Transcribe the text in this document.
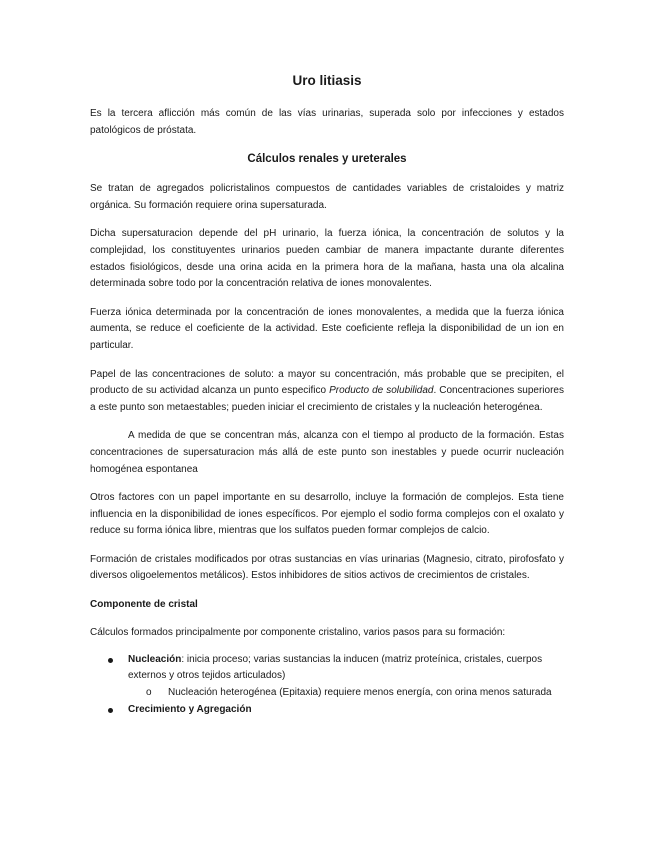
Uro litiasis

Es la tercera aflicción más común de las vías urinarias, superada solo por infecciones y estados patológicos de próstata.

Cálculos renales y ureterales

Se tratan de agregados policristalinos compuestos de cantidades variables de cristaloides y matriz orgánica. Su formación requiere orina supersaturada.

Dicha supersaturacion depende del pH urinario, la fuerza iónica, la concentración de solutos y la complejidad, los constituyentes urinarios pueden cambiar de manera impactante durante diferentes estados fisiológicos, desde una orina acida en la primera hora de la mañana, hasta una ola alcalina determinada sobre todo por la concentración relativa de iones monovalentes.

Fuerza iónica determinada por la concentración de iones monovalentes, a medida que la fuerza iónica aumenta, se reduce el coeficiente de la actividad. Este coeficiente refleja la disponibilidad de un ion en particular.

Papel de las concentraciones de soluto: a mayor su concentración, más probable que se precipiten, el producto de su actividad alcanza un punto especifico Producto de solubilidad. Concentraciones superiores a este punto son metaestables; pueden iniciar el crecimiento de cristales y la nucleación heterogénea.

A medida de que se concentran más, alcanza con el tiempo al producto de la formación. Estas concentraciones de supersaturacion más allá de este punto son inestables y puede ocurrir nucleación homogénea espontanea

Otros factores con un papel importante en su desarrollo, incluye la formación de complejos. Esta tiene influencia en la disponibilidad de iones específicos. Por ejemplo el sodio forma complejos con el oxalato y reduce su forma iónica libre, mientras que los sulfatos pueden formar complejos de calcio.

Formación de cristales modificados por otras sustancias en vías urinarias (Magnesio, citrato, pirofosfato y diversos oligoelementos metálicos). Estos inhibidores de sitios activos de crecimientos de cristales.

Componente de cristal

Cálculos formados principalmente por componente cristalino, varios pasos para su formación:

Nucleación: inicia proceso; varias sustancias la inducen (matriz proteínica, cristales, cuerpos externos y otros tejidos articulados)
o Nucleación heterogénea (Epitaxia) requiere menos energía, con orina menos saturada
Crecimiento y Agregación
